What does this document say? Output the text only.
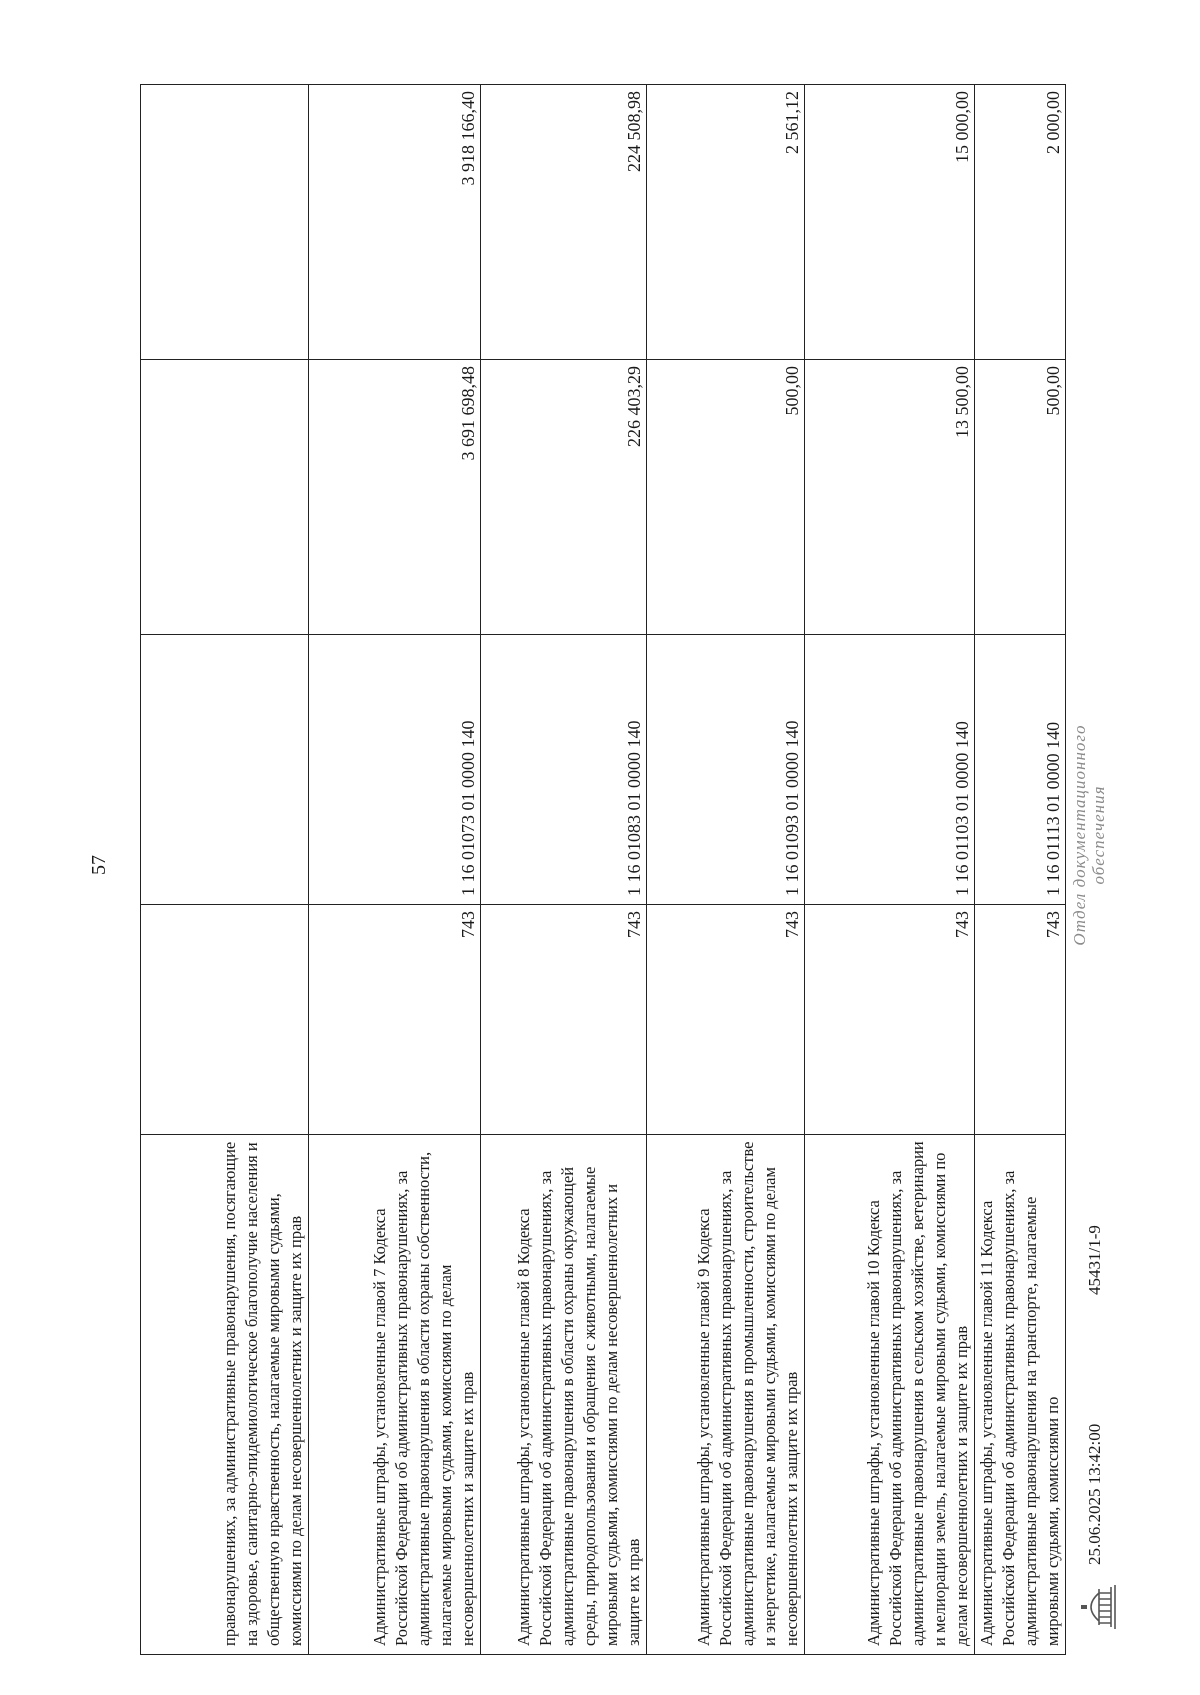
57
правонарушениях, за административные правонарушения, посягающие на здоровье, санитарно-эпидемиологическое благополучие населения и общественную нравственность, налагаемые мировыми судьями, комиссиями по делам несовершеннолетних и защите их прав				
Административные штрафы, установленные главой 7 Кодекса Российской Федерации об административных правонарушениях, за административные правонарушения в области охраны собственности, налагаемые мировыми судьями, комиссиями по делам несовершеннолетних и защите их прав	743	1 16 01073 01 0000 140	3 691 698,48	3 918 166,40
Административные штрафы, установленные главой 8 Кодекса Российской Федерации об административных правонарушениях, за административные правонарушения в области охраны окружающей среды, природопользования и обращения с животными, налагаемые мировыми судьями, комиссиями по делам несовершеннолетних и защите их прав	743	1 16 01083 01 0000 140	226 403,29	224 508,98
Административные штрафы, установленные главой 9 Кодекса Российской Федерации об административных правонарушениях, за административные правонарушения в промышленности, строительстве и энергетике, налагаемые мировыми судьями, комиссиями по делам несовершеннолетних и защите их прав	743	1 16 01093 01 0000 140	500,00	2 561,12
Административные штрафы, установленные главой 10 Кодекса Российской Федерации об административных правонарушениях, за административные правонарушения в сельском хозяйстве, ветеринарии и мелиорации земель, налагаемые мировыми судьями, комиссиями по делам несовершеннолетних и защите их прав	743	1 16 01103 01 0000 140	13 500,00	15 000,00
Административные штрафы, установленные главой 11 Кодекса Российской Федерации об административных правонарушениях, за административные правонарушения на транспорте, налагаемые мировыми судьями, комиссиями по	743	1 16 01113 01 0000 140	500,00	2 000,00
25.06.2025 13:42:00
45431/1-9
Отдел документационного обеспечения
